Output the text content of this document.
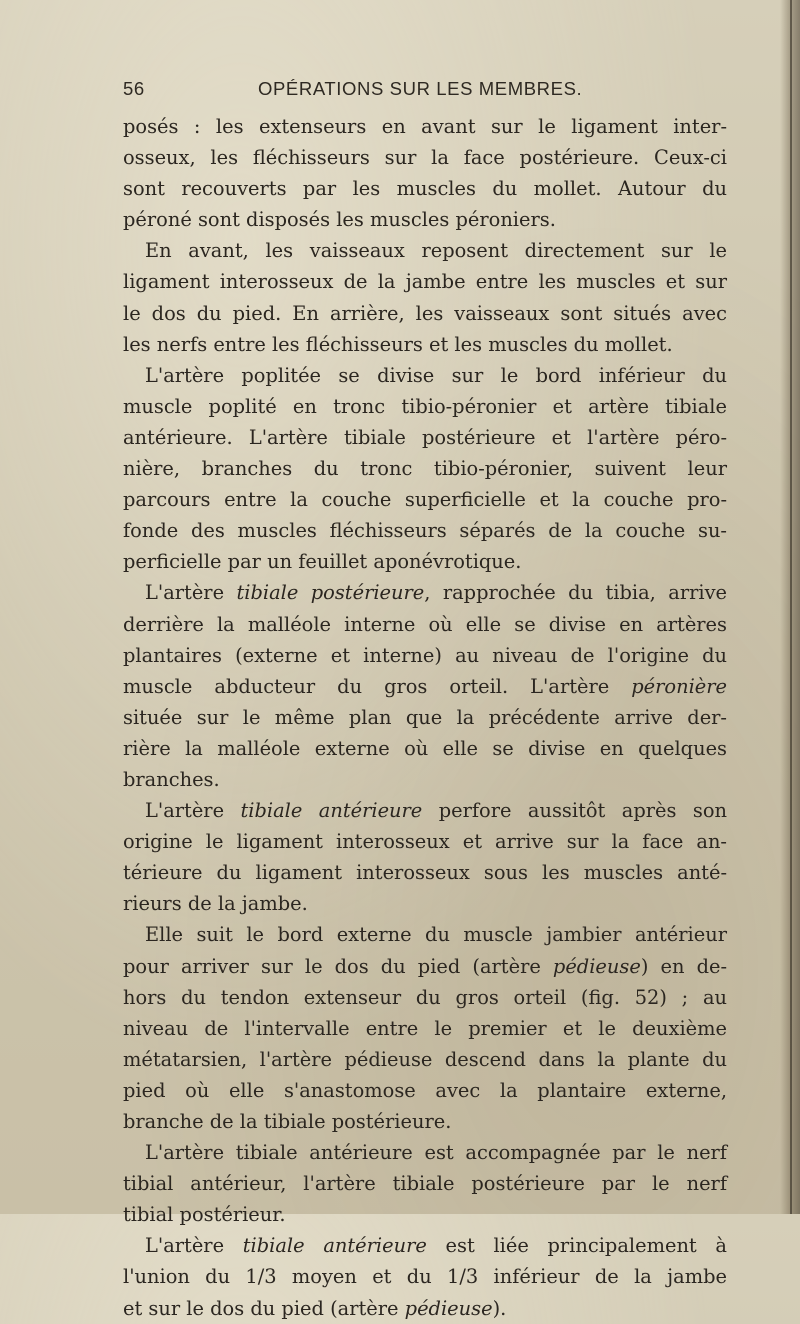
56	OPÉRATIONS SUR LES MEMBRES.
posés : les extenseurs en avant sur le ligament inter-
osseux, les fléchisseurs sur la face postérieure. Ceux-ci
sont recouverts par les muscles du mollet. Autour du
péroné sont disposés les muscles péroniers.
En avant, les vaisseaux reposent directement sur le
ligament interosseux de la jambe entre les muscles et sur
le dos du pied. En arrière, les vaisseaux sont situés avec
les nerfs entre les fléchisseurs et les muscles du mollet.
L'artère poplitée se divise sur le bord inférieur du
muscle poplité en tronc tibio-péronier et artère tibiale
antérieure. L'artère tibiale postérieure et l'artère péro-
nière, branches du tronc tibio-péronier, suivent leur
parcours entre la couche superficielle et la couche pro-
fonde des muscles fléchisseurs séparés de la couche su-
perficielle par un feuillet aponévrotique.
L'artère tibiale postérieure, rapprochée du tibia, arrive
derrière la malléole interne où elle se divise en artères
plantaires (externe et interne) au niveau de l'origine du
muscle abducteur du gros orteil. L'artère péronière
située sur le même plan que la précédente arrive der-
rière la malléole externe où elle se divise en quelques
branches.
L'artère tibiale antérieure perfore aussitôt après son
origine le ligament interosseux et arrive sur la face an-
térieure du ligament interosseux sous les muscles anté-
rieurs de la jambe.
Elle suit le bord externe du muscle jambier antérieur
pour arriver sur le dos du pied (artère pédieuse) en de-
hors du tendon extenseur du gros orteil (fig. 52) ; au
niveau de l'intervalle entre le premier et le deuxième
métatarsien, l'artère pédieuse descend dans la plante du
pied où elle s'anastomose avec la plantaire externe,
branche de la tibiale postérieure.
L'artère tibiale antérieure est accompagnée par le nerf
tibial antérieur, l'artère tibiale postérieure par le nerf
tibial postérieur.
L'artère tibiale antérieure est liée principalement à
l'union du 1/3 moyen et du 1/3 inférieur de la jambe
et sur le dos du pied (artère pédieuse).
